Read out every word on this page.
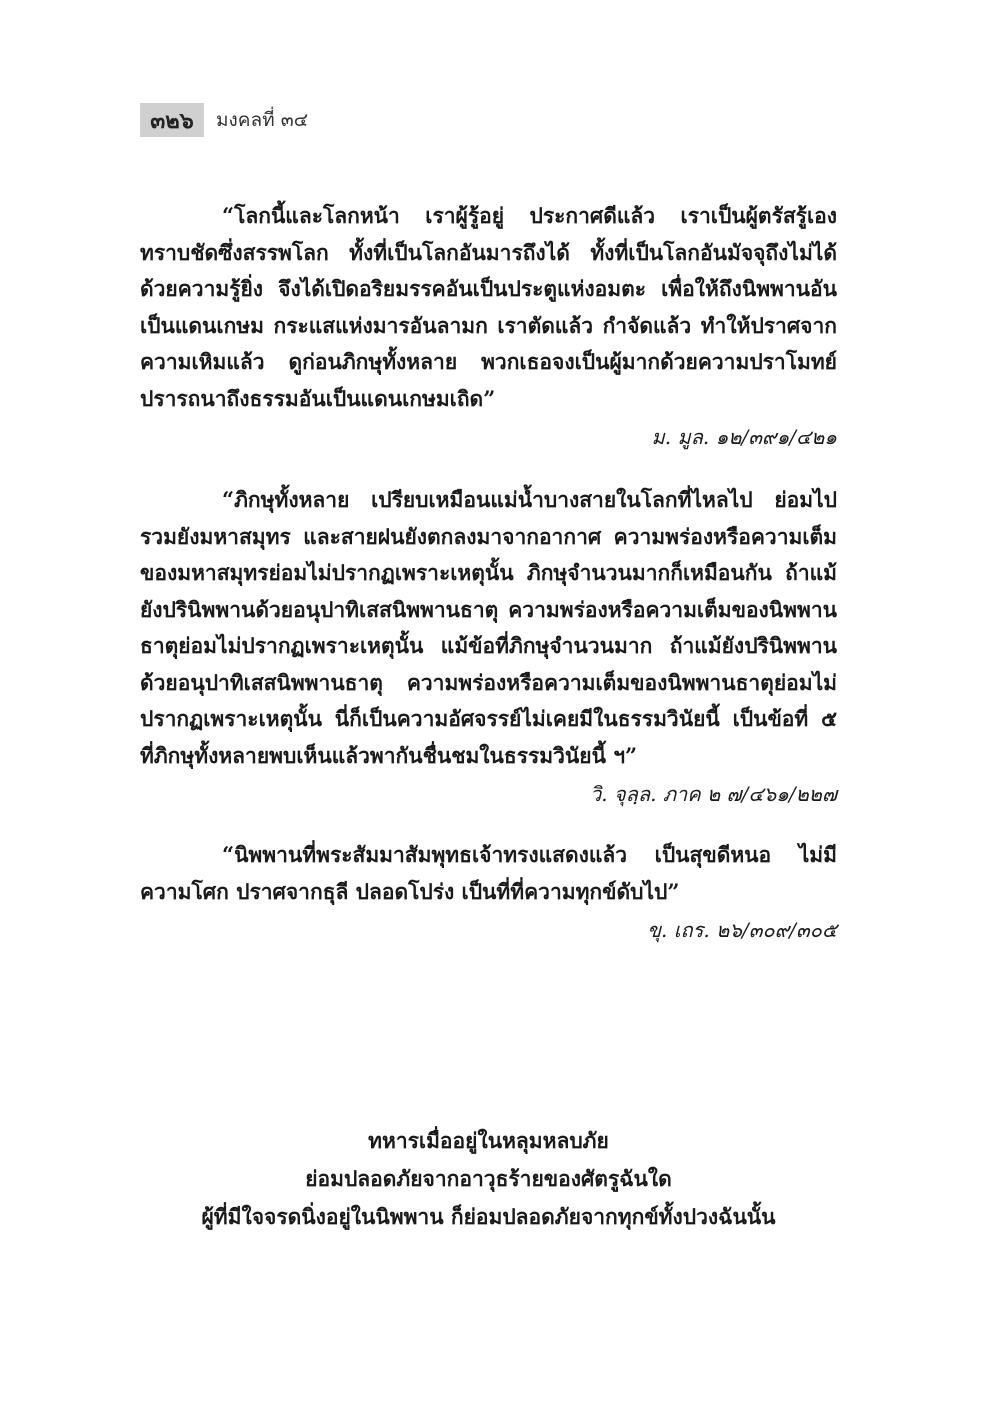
๓๒๖	มงคลที่ ๓๔

“โลกนี้และโลกหน้า เราผู้รู้อยู่ ประกาศดีแล้ว เราเป็นผู้ตรัสรู้เอง ทราบชัดซึ่งสรรพโลก ทั้งที่เป็นโลกอันมารถึงได้ ทั้งที่เป็นโลกอันมัจจุถึงไม่ได้ ด้วยความรู้ยิ่ง จึงได้เปิดอริยมรรคอันเป็นประตูแห่งอมตะ เพื่อให้ถึงนิพพานอันเป็นแดนเกษม กระแสแห่งมารอันลามก เราตัดแล้ว กำจัดแล้ว ทำให้ปราศจากความเหิมแล้ว ดูก่อนภิกษุทั้งหลาย พวกเธอจงเป็นผู้มากด้วยความปราโมทย์ ปรารถนาถึงธรรมอันเป็นแดนเกษมเถิด”

ม. มูล. ๑๒/๓๙๑/๔๒๑

“ภิกษุทั้งหลาย เปรียบเหมือนแม่น้ำบางสายในโลกที่ไหลไป ย่อมไปรวมยังมหาสมุทร และสายฝนยังตกลงมาจากอากาศ ความพร่องหรือความเต็มของมหาสมุทรย่อมไม่ปรากฏเพราะเหตุนั้น ภิกษุจำนวนมากก็เหมือนกัน ถ้าแม้ยังปรินิพพานด้วยอนุปาทิเสสนิพพานธาตุ ความพร่องหรือความเต็มของนิพพานธาตุย่อมไม่ปรากฏเพราะเหตุนั้น แม้ข้อที่ภิกษุจำนวนมาก ถ้าแม้ยังปรินิพพานด้วยอนุปาทิเสสนิพพานธาตุ ความพร่องหรือความเต็มของนิพพานธาตุย่อมไม่ปรากฏเพราะเหตุนั้น นี่ก็เป็นความอัศจรรย์ไม่เคยมีในธรรมวินัยนี้ เป็นข้อที่ ๕ ที่ภิกษุทั้งหลายพบเห็นแล้วพากันชื่นชมในธรรมวินัยนี้ ฯ”

วิ. จุลฺล. ภาค ๒ ๗/๔๖๑/๒๒๗

“นิพพานที่พระสัมมาสัมพุทธเจ้าทรงแสดงแล้ว เป็นสุขดีหนอ ไม่มีความโศก ปราศจากธุลี ปลอดโปร่ง เป็นที่ที่ความทุกข์ดับไป”

ขุ. เถร. ๒๖/๓๐๙/๓๐๕

ทหารเมื่ออยู่ในหลุมหลบภัย
ย่อมปลอดภัยจากอาวุธร้ายของศัตรูฉันใด
ผู้ที่มีใจจรดนิ่งอยู่ในนิพพาน ก็ย่อมปลอดภัยจากทุกข์ทั้งปวงฉันนั้น
